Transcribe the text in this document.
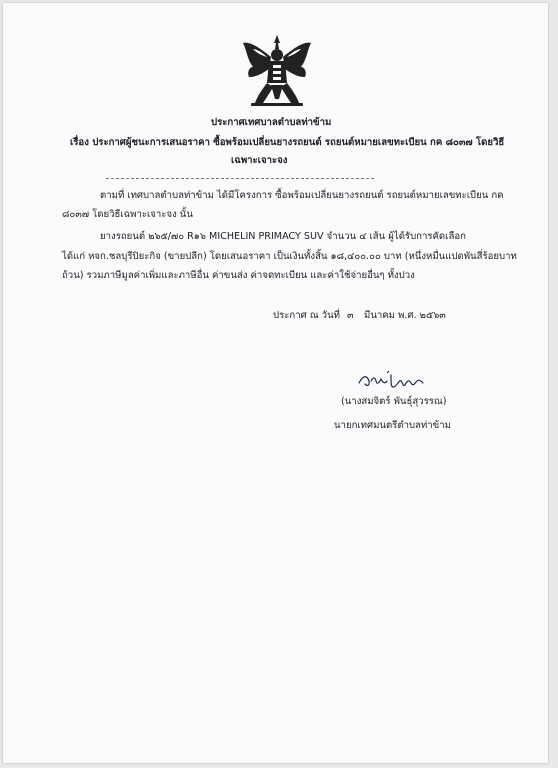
ประกาศเทศบาลตำบลท่าข้าม
เรื่อง ประกาศผู้ชนะการเสนอราคา ซื้อพร้อมเปลี่ยนยางรถยนต์ รถยนต์หมายเลขทะเบียน กค ๘๐๓๗ โดยวิธี
เฉพาะเจาะจง
ตามที่ เทศบาลตำบลท่าข้าม ได้มีโครงการ ซื้อพร้อมเปลี่ยนยางรถยนต์ รถยนต์หมายเลขทะเบียน กค
๘๐๓๗ โดยวิธีเฉพาะเจาะจง นั้น
ยางรถยนต์ ๒๖๕/๗๐ R๑๖ MICHELIN PRIMACY SUV จำนวน ๔ เส้น ผู้ได้รับการคัดเลือก
ได้แก่ หจก.ชลบุรีปิยะกิจ (ขายปลีก) โดยเสนอราคา เป็นเงินทั้งสิ้น ๑๘,๔๐๐.๐๐ บาท (หนึ่งหมื่นแปดพันสี่ร้อยบาท
ถ้วน) รวมภาษีมูลค่าเพิ่มและภาษีอื่น ค่าขนส่ง ค่าจดทะเบียน และค่าใช้จ่ายอื่นๆ ทั้งปวง
ประกาศ ณ วันที่ ๓ มีนาคม พ.ศ. ๒๕๖๓
(นางสมจิตร์ พันธุ์สุวรรณ)
นายกเทศมนตรีตำบลท่าข้าม
